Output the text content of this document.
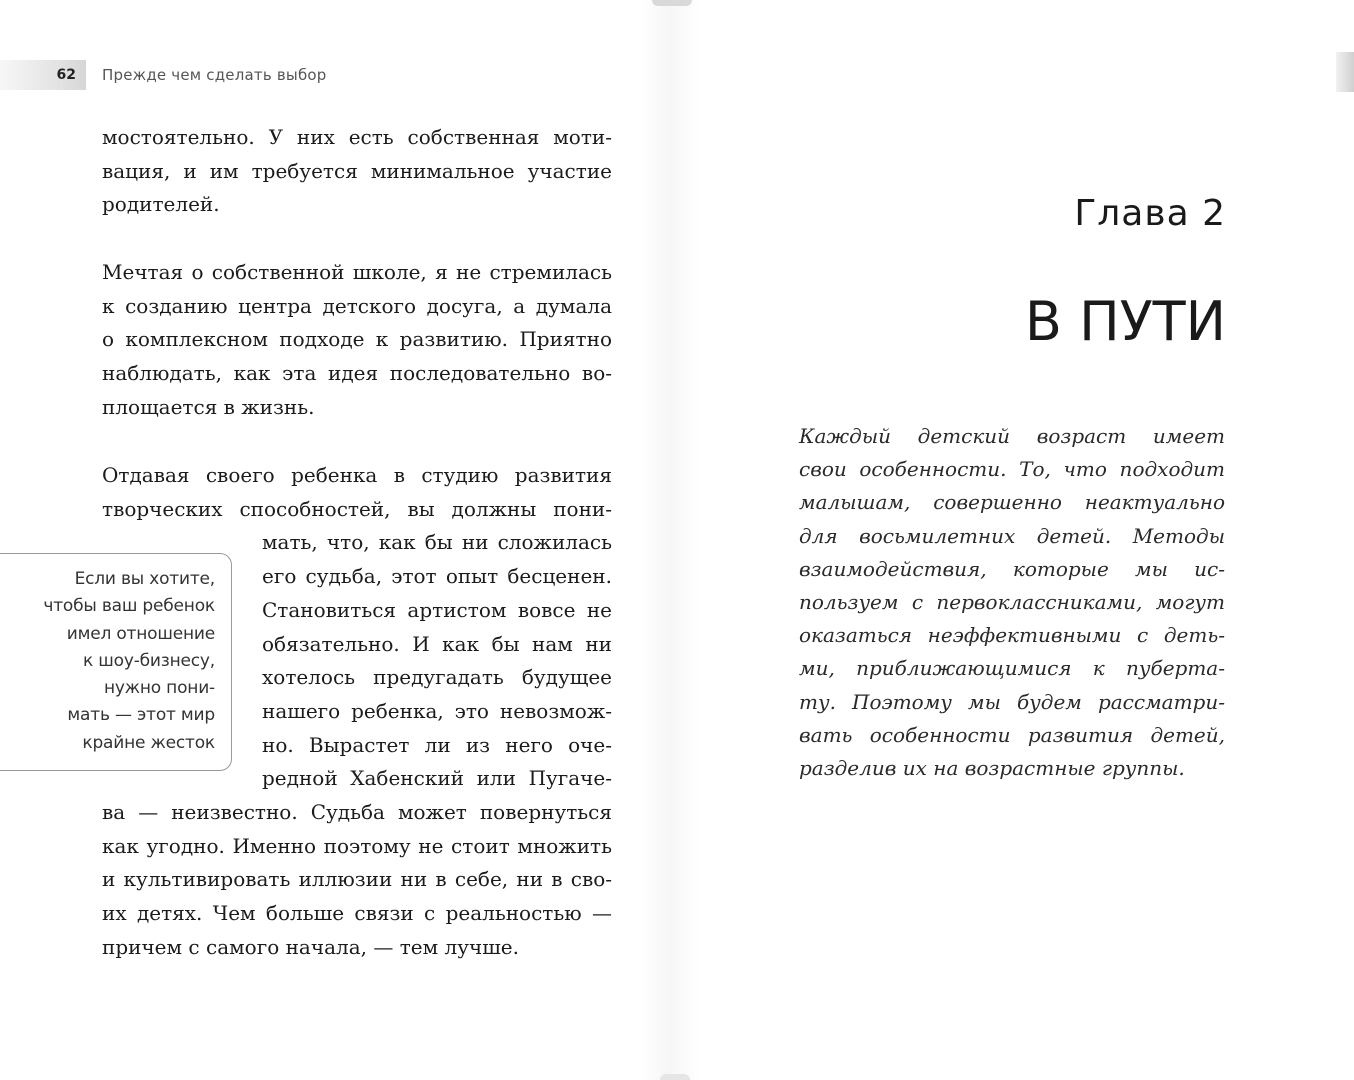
62	Прежде чем сделать выбор
мостоятельно. У них есть собственная моти-
вация, и им требуется минимальное участие
родителей.
Мечтая о собственной школе, я не стремилась
к созданию центра детского досуга, а думала
о комплексном подходе к развитию. Приятно
наблюдать, как эта идея последовательно во-
площается в жизнь.
Отдавая своего ребенка в студию развития
творческих способностей, вы должны пони-
мать, что, как бы ни сложилась
его судьба, этот опыт бесценен.
Становиться артистом вовсе не
обязательно. И как бы нам ни
хотелось предугадать будущее
нашего ребенка, это невозмож-
но. Вырастет ли из него оче-
редной Хабенский или Пугаче-
ва — неизвестно. Судьба может повернуться
как угодно. Именно поэтому не стоит множить
и культивировать иллюзии ни в себе, ни в сво-
их детях. Чем больше связи с реальностью —
причем с самого начала, — тем лучше.
Если вы хотите,
чтобы ваш ребенок
имел отношение
к шоу-бизнесу,
нужно пони-
мать — этот мир
крайне жесток
Глава 2
В ПУТИ
Каждый детский возраст имеет
свои особенности. То, что подходит
малышам, совершенно неактуально
для восьмилетних детей. Методы
взаимодействия, которые мы ис-
пользуем с первоклассниками, могут
оказаться неэффективными с деть-
ми, приближающимися к пуберта-
ту. Поэтому мы будем рассматри-
вать особенности развития детей,
разделив их на возрастные группы.
